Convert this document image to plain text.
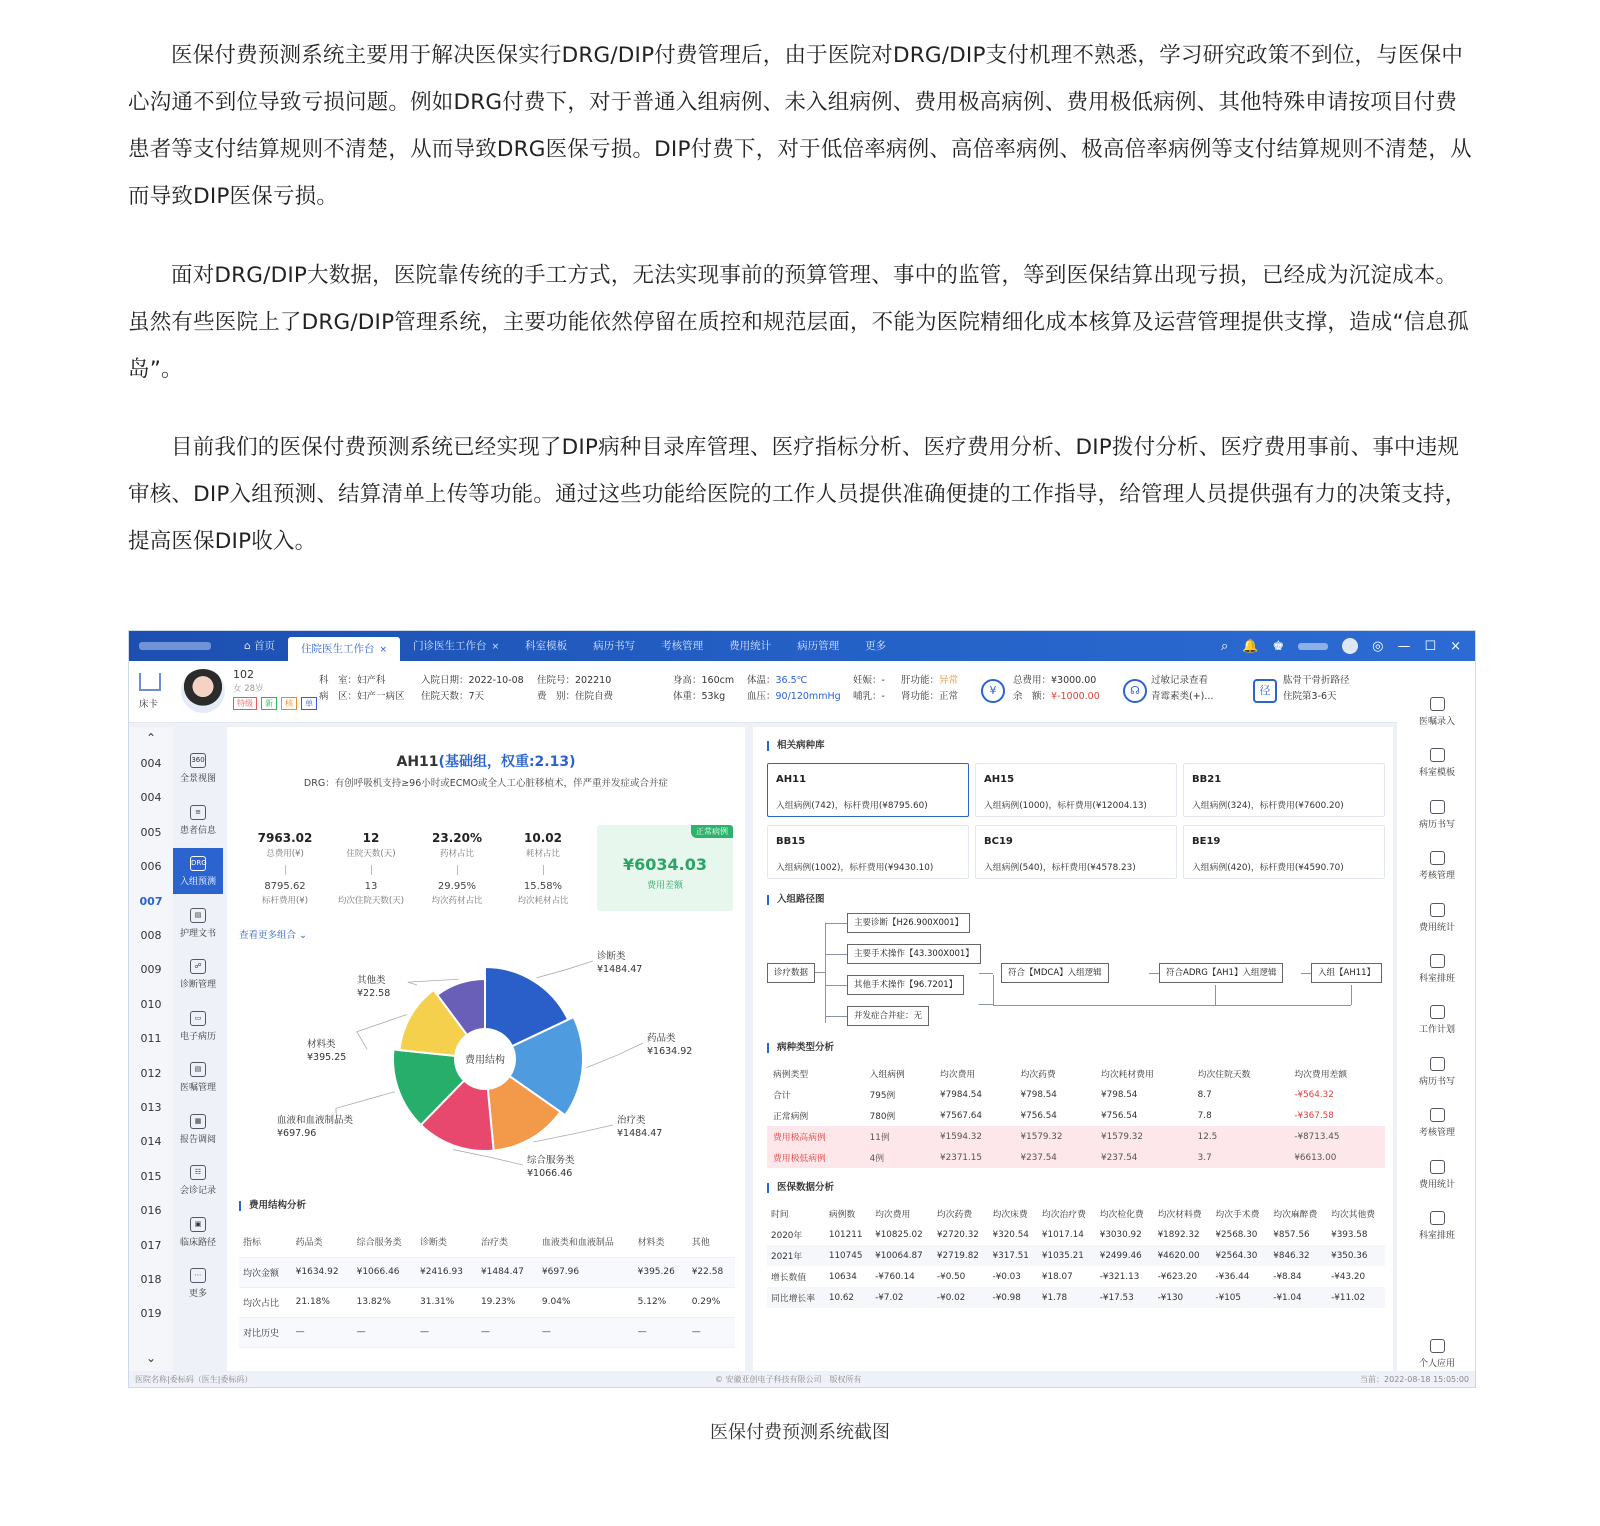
医保付费预测系统主要用于解决医保实行DRG/DIP付费管理后，由于医院对DRG/DIP支付机理不熟悉，学习研究政策不到位，与医保中心沟通不到位导致亏损问题。例如DRG付费下，对于普通入组病例、未入组病例、费用极高病例、费用极低病例、其他特殊申请按项目付费患者等支付结算规则不清楚，从而导致DRG医保亏损。DIP付费下，对于低倍率病例、高倍率病例、极高倍率病例等支付结算规则不清楚，从而导致DIP医保亏损。

面对DRG/DIP大数据，医院靠传统的手工方式，无法实现事前的预算管理、事中的监管，等到医保结算出现亏损，已经成为沉淀成本。虽然有些医院上了DRG/DIP管理系统，主要功能依然停留在质控和规范层面，不能为医院精细化成本核算及运营管理提供支撑，造成“信息孤岛”。

目前我们的医保付费预测系统已经实现了DIP病种目录库管理、医疗指标分析、医疗费用分析、DIP拨付分析、医疗费用事前、事中违规审核、DIP入组预测、结算清单上传等功能。通过这些功能给医院的工作人员提供准确便捷的工作指导，给管理人员提供强有力的决策支持，提高医保DIP收入。

⌂ 首页	住院医生工作台 ×	门诊医生工作台 ×	科室模板	病历书写	考核管理	费用统计	病历管理	更多	⌕ 🔔 ♚	◎ — ☐ ×
床卡
102
女 28岁
特级	新	核	单
科　室：妇产科
病　区：妇产一病区
入院日期：2022-10-08
住院天数：7天
住院号：202210
费　别：住院自费
身高：160cm
体重：53kg
体温：36.5℃
血压：90/120mmHg
妊娠：-
哺乳：-
肝功能：异常
肾功能：正常	¥
总费用：¥3000.00
余　额：¥-1000.00	☊
过敏记录查看
青霉素类(+)...	径
肱骨干骨折路径
住院第3-6天
⌃
004
004
005
006
007
008
009
010
011
012
013
014
015
016
017
018
019
⌄
360
全景视图
≡
患者信息
DRG
入组预测
▤
护理文书
☍
诊断管理
▭
电子病历
▤
医嘱管理
▦
报告调阅
☷
会诊记录
▣
临床路径
⋯
更多
AH11(基础组，权重:2.13)
DRG：有创呼吸机支持≥96小时或ECMO或全人工心脏移植术，伴严重并发症或合并症
7963.02
总费用(¥)
8795.62
标杆费用(¥)
12
住院天数(天)
13
均次住院天数(天)
23.20%
药材占比
29.95%
均次药材占比
10.02
耗材占比
15.58%
均次耗材占比
正常病例
¥6034.03
费用差额
查看更多组合 ⌄
诊断类
¥1484.47
药品类
¥1634.92
治疗类
¥1484.47
综合服务类
¥1066.46
血液和血液制品类
¥697.96
材料类
¥395.25
其他类
¥22.58
费用结构
费用结构分析
指标	药品类	综合服务类	诊断类	治疗类	血液类和血液制品	材料类	其他
均次金额	¥1634.92	¥1066.46	¥2416.93	¥1484.47	¥697.96	¥395.26	¥22.58
均次占比	21.18%	13.82%	31.31%	19.23%	9.04%	5.12%	0.29%
对比历史	—	—	—	—	—	—	—
相关病种库
AH11
入组病例(742)，标杆费用(¥8795.60)
AH15
入组病例(1000)，标杆费用(¥12004.13)
BB21
入组病例(324)，标杆费用(¥7600.20)
BB15
入组病例(1002)，标杆费用(¥9430.10)
BC19
入组病例(540)，标杆费用(¥4578.23)
BE19
入组病例(420)，标杆费用(¥4590.70)
入组路径图
诊疗数据
主要诊断【H26.900X001】
主要手术操作【43.300X001】
其他手术操作【96.7201】
并发症合并症：无
符合【MDCA】入组逻辑	符合ADRG【AH1】入组逻辑	入组【AH11】
病种类型分析
病例类型	入组病例	均次费用	均次药费	均次耗材费用	均次住院天数	均次费用差额
合计	795例	¥7984.54	¥798.54	¥798.54	8.7	-¥564.32
正常病例	780例	¥7567.64	¥756.54	¥756.54	7.8	-¥367.58
费用极高病例	11例	¥1594.32	¥1579.32	¥1579.32	12.5	-¥8713.45
费用极低病例	4例	¥2371.15	¥237.54	¥237.54	3.7	¥6613.00
医保数据分析
时间	病例数	均次费用	均次药费	均次床费	均次治疗费	均次检化费	均次材料费	均次手术费	均次麻醉费	均次其他费
2020年	101211	¥10825.02	¥2720.32	¥320.54	¥1017.14	¥3030.92	¥1892.32	¥2568.30	¥857.56	¥393.58
2021年	110745	¥10064.87	¥2719.82	¥317.51	¥1035.21	¥2499.46	¥4620.00	¥2564.30	¥846.32	¥350.36
增长数值	10634	-¥760.14	-¥0.50	-¥0.03	¥18.07	-¥321.13	-¥623.20	-¥36.44	-¥8.84	-¥43.20
同比增长率	10.62	-¥7.02	-¥0.02	-¥0.98	¥1.78	-¥17.53	-¥130	-¥105	-¥1.04	-¥11.02
医嘱录入
科室模板
病历书写
考核管理
费用统计
科室排班
工作计划
病历书写
考核管理
费用统计
科室排班
个人应用
医院名称|委标码（医生|委标码）	© 安徽亚创电子科技有限公司　版权所有	当前：2022-08-18 15:05:00
医保付费预测系统截图
